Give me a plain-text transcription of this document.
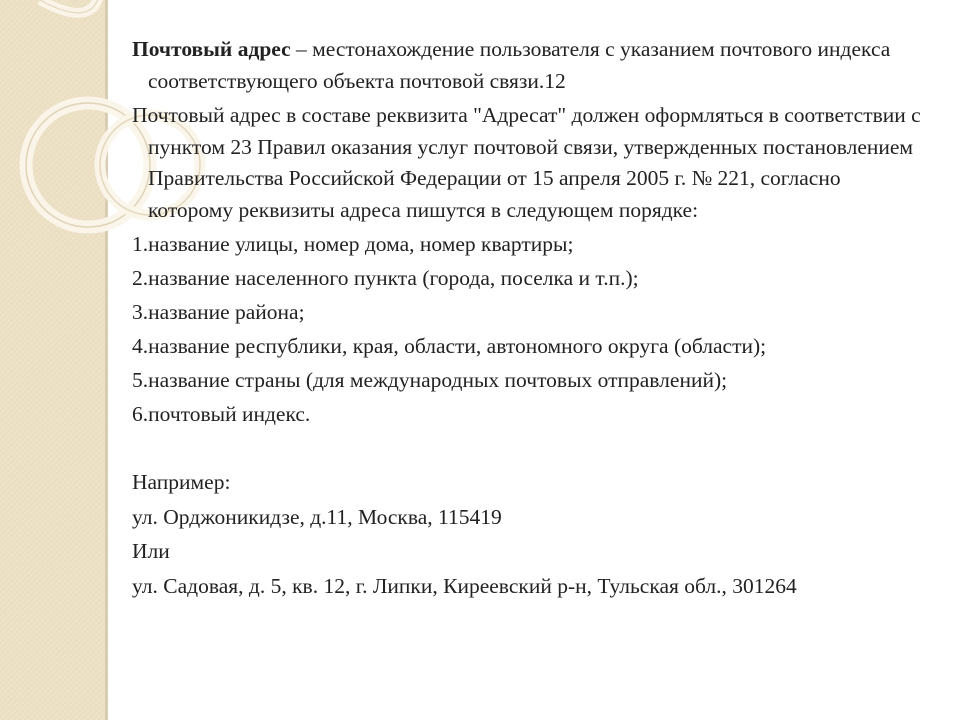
Почтовый адрес – местонахождение пользователя с указанием почтового индекса соответствующего объекта почтовой связи.12

Почтовый адрес в составе реквизита "Адресат" должен оформляться в соответствии с пунктом 23 Правил оказания услуг почтовой связи, утвержденных постановлением Правительства Российской Федерации от 15 апреля 2005 г. № 221, согласно которому реквизиты адреса пишутся в следующем порядке:

1.название улицы, номер дома, номер квартиры;

2.название населенного пункта (города, поселка и т.п.);

3.название района;

4.название республики, края, области, автономного округа (области);

5.название страны (для международных почтовых отправлений);

6.почтовый индекс.

Например:

ул. Орджоникидзе, д.11, Москва, 115419

Или

ул. Садовая, д. 5, кв. 12, г. Липки, Киреевский р-н, Тульская обл., 301264
